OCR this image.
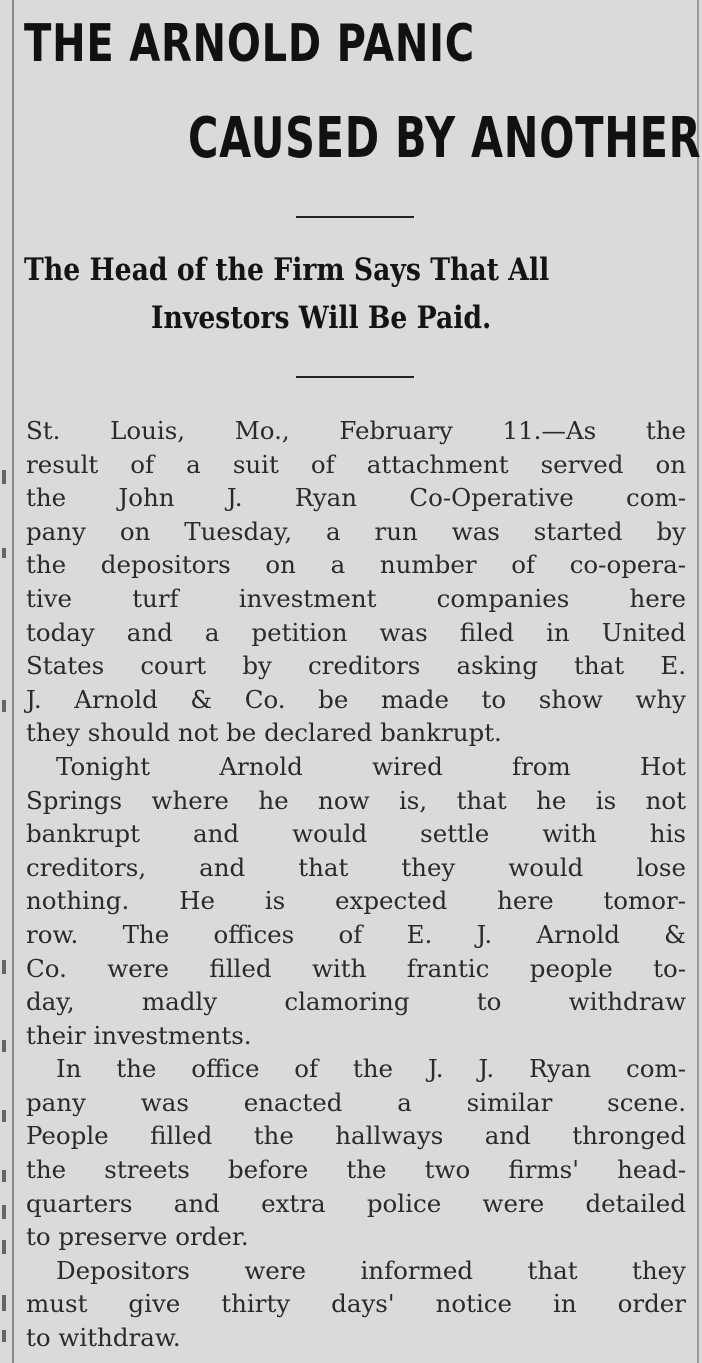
THE ARNOLD PANIC
CAUSED BY ANOTHER
The Head of the Firm Says That All
Investors Will Be Paid.
St. Louis, Mo., February 11.—As the
result of a suit of attachment served on
the John J. Ryan Co-Operative com-
pany on Tuesday, a run was started by
the depositors on a number of co-opera-
tive turf investment companies here
today and a petition was filed in United
States court by creditors asking that E.
J. Arnold & Co. be made to show why
they should not be declared bankrupt.
Tonight Arnold wired from Hot
Springs where he now is, that he is not
bankrupt and would settle with his
creditors, and that they would lose
nothing. He is expected here tomor-
row. The offices of E. J. Arnold &
Co. were filled with frantic people to-
day, madly clamoring to withdraw
their investments.
In the office of the J. J. Ryan com-
pany was enacted a similar scene.
People filled the hallways and thronged
the streets before the two firms' head-
quarters and extra police were detailed
to preserve order.
Depositors were informed that they
must give thirty days' notice in order
to withdraw.
